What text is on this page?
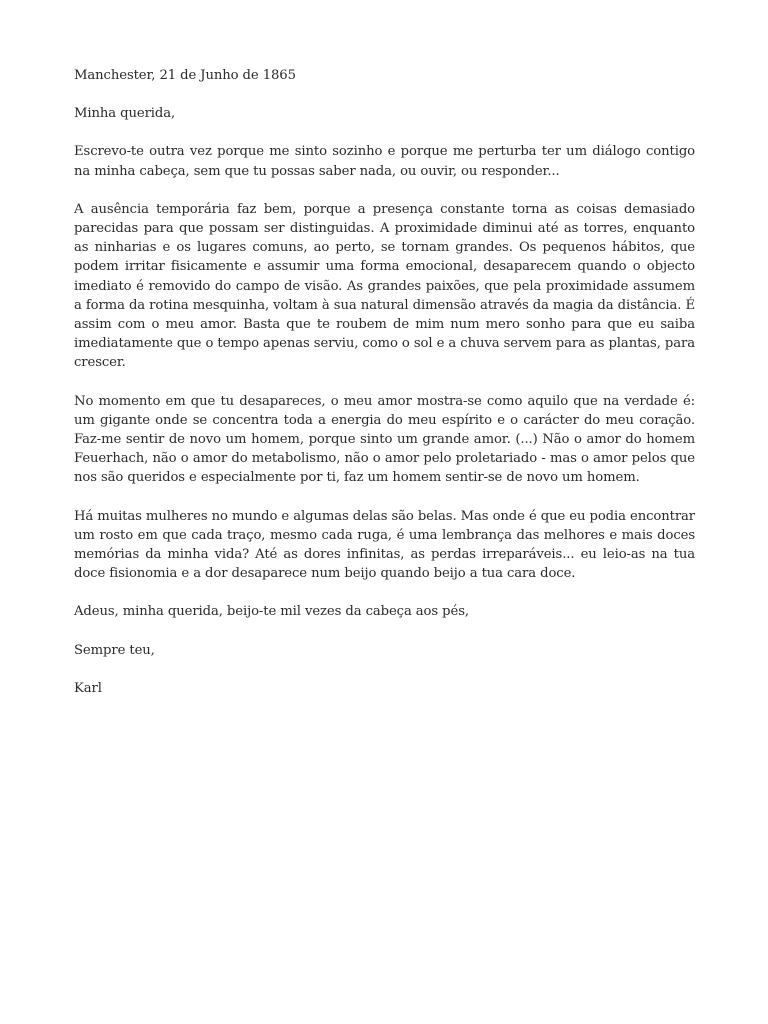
Manchester, 21 de Junho de 1865

Minha querida,

Escrevo-te outra vez porque me sinto sozinho e porque me perturba ter um diálogo contigo na minha cabeça, sem que tu possas saber nada, ou ouvir, ou responder...

A ausência temporária faz bem, porque a presença constante torna as coisas demasiado parecidas para que possam ser distinguidas. A proximidade diminui até as torres, enquanto as ninharias e os lugares comuns, ao perto, se tornam grandes. Os pequenos hábitos, que podem irritar fisicamente e assumir uma forma emocional, desaparecem quando o objecto imediato é removido do campo de visão. As grandes paixões, que pela proximidade assumem a forma da rotina mesquinha, voltam à sua natural dimensão através da magia da distância. É assim com o meu amor. Basta que te roubem de mim num mero sonho para que eu saiba imediatamente que o tempo apenas serviu, como o sol e a chuva servem para as plantas, para crescer.

No momento em que tu desapareces, o meu amor mostra-se como aquilo que na verdade é: um gigante onde se concentra toda a energia do meu espírito e o carácter do meu coração. Faz-me sentir de novo um homem, porque sinto um grande amor. (...) Não o amor do homem Feuerhach, não o amor do metabolismo, não o amor pelo proletariado - mas o amor pelos que nos são queridos e especialmente por ti, faz um homem sentir-se de novo um homem.

Há muitas mulheres no mundo e algumas delas são belas. Mas onde é que eu podia encontrar um rosto em que cada traço, mesmo cada ruga, é uma lembrança das melhores e mais doces memórias da minha vida? Até as dores infinitas, as perdas irreparáveis... eu leio-as na tua doce fisionomia e a dor desaparece num beijo quando beijo a tua cara doce.

Adeus, minha querida, beijo-te mil vezes da cabeça aos pés,

Sempre teu,

Karl
